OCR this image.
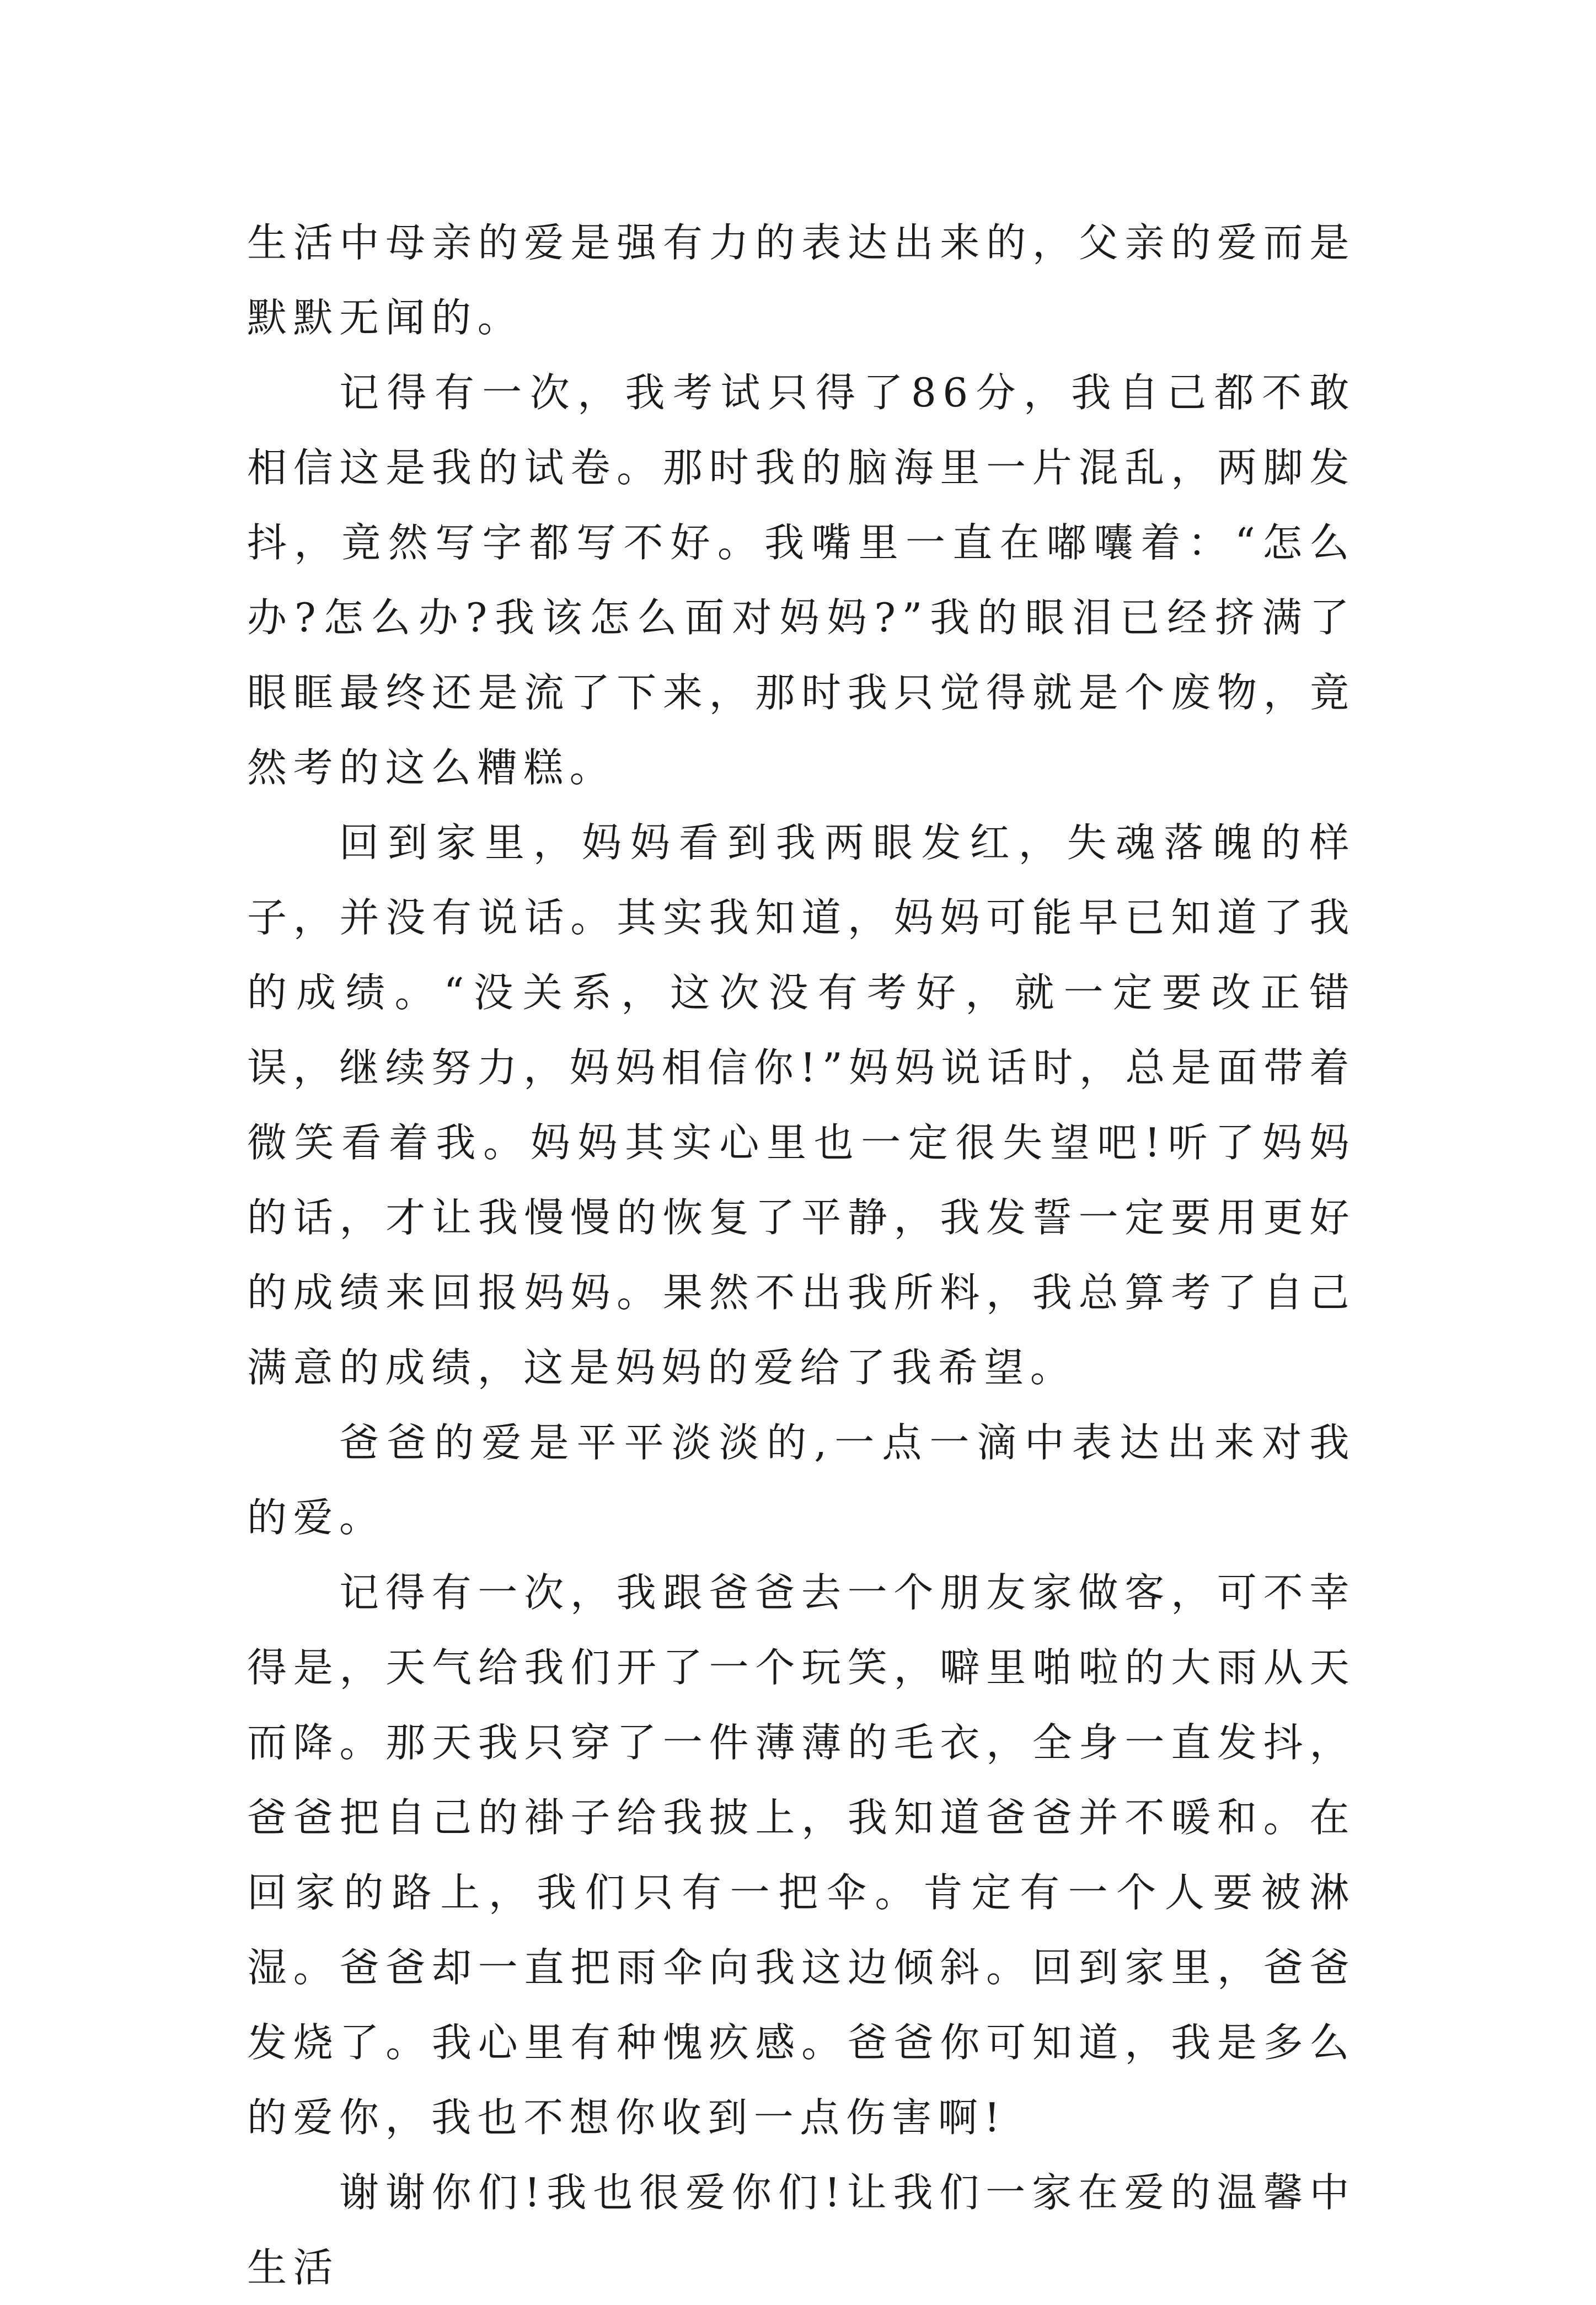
生活中母亲的爱是强有力的表达出来的，父亲的爱而是默默无闻的。

记得有一次，我考试只得了86分，我自己都不敢相信这是我的试卷。那时我的脑海里一片混乱，两脚发抖，竟然写字都写不好。我嘴里一直在嘟囔着：“怎么办?怎么办?我该怎么面对妈妈?”我的眼泪已经挤满了眼眶最终还是流了下来，那时我只觉得就是个废物，竟然考的这么糟糕。

回到家里，妈妈看到我两眼发红，失魂落魄的样子，并没有说话。其实我知道，妈妈可能早已知道了我的成绩。“没关系，这次没有考好，就一定要改正错误，继续努力，妈妈相信你!”妈妈说话时，总是面带着微笑看着我。妈妈其实心里也一定很失望吧!听了妈妈的话，才让我慢慢的恢复了平静，我发誓一定要用更好的成绩来回报妈妈。果然不出我所料，我总算考了自己满意的成绩，这是妈妈的爱给了我希望。

爸爸的爱是平平淡淡的,一点一滴中表达出来对我的爱。

记得有一次，我跟爸爸去一个朋友家做客，可不幸得是，天气给我们开了一个玩笑，噼里啪啦的大雨从天而降。那天我只穿了一件薄薄的毛衣，全身一直发抖，爸爸把自己的褂子给我披上，我知道爸爸并不暖和。在回家的路上，我们只有一把伞。肯定有一个人要被淋湿。爸爸却一直把雨伞向我这边倾斜。回到家里，爸爸发烧了。我心里有种愧疚感。爸爸你可知道，我是多么的爱你，我也不想你收到一点伤害啊!

谢谢你们!我也很爱你们!让我们一家在爱的温馨中生活
